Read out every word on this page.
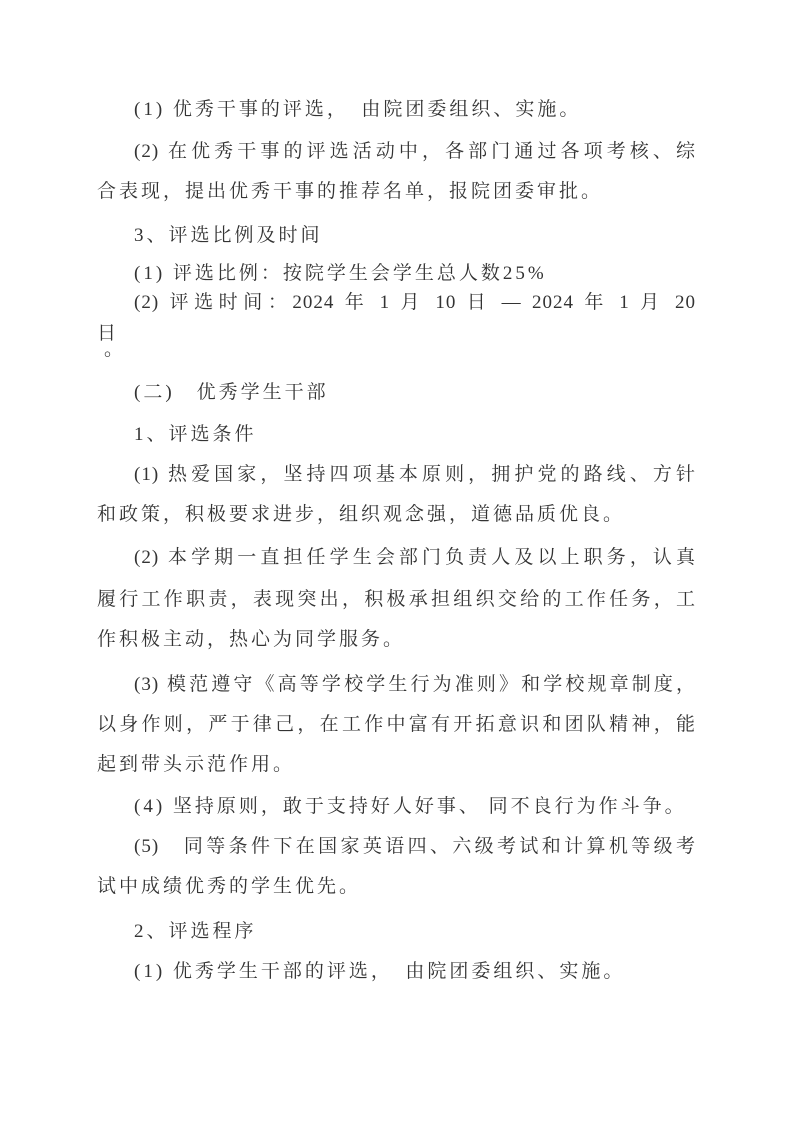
(1) 优秀干事的评选，　由院团委组织、实施。
(2) 在优秀干事的评选活动中，各部门通过各项考核、综
合表现，提出优秀干事的推荐名单，报院团委审批。
3、评选比例及时间
(1) 评选比例：按院学生会学生总人数25%
(2) 评选时间：2024 年 1 月 10 日 — 2024 年 1 月 20
日
。
(二)　优秀学生干部
1、评选条件
(1) 热爱国家，坚持四项基本原则，拥护党的路线、方针
和政策，积极要求进步，组织观念强，道德品质优良。
(2) 本学期一直担任学生会部门负责人及以上职务，认真
履行工作职责，表现突出，积极承担组织交给的工作任务，工
作积极主动，热心为同学服务。
(3) 模范遵守《高等学校学生行为准则》和学校规章制度，
以身作则，严于律己，在工作中富有开拓意识和团队精神，能
起到带头示范作用。
(4) 坚持原则，敢于支持好人好事、 同不良行为作斗争。
(5)　同等条件下在国家英语四、六级考试和计算机等级考
试中成绩优秀的学生优先。
2、评选程序
(1) 优秀学生干部的评选，　由院团委组织、实施。
